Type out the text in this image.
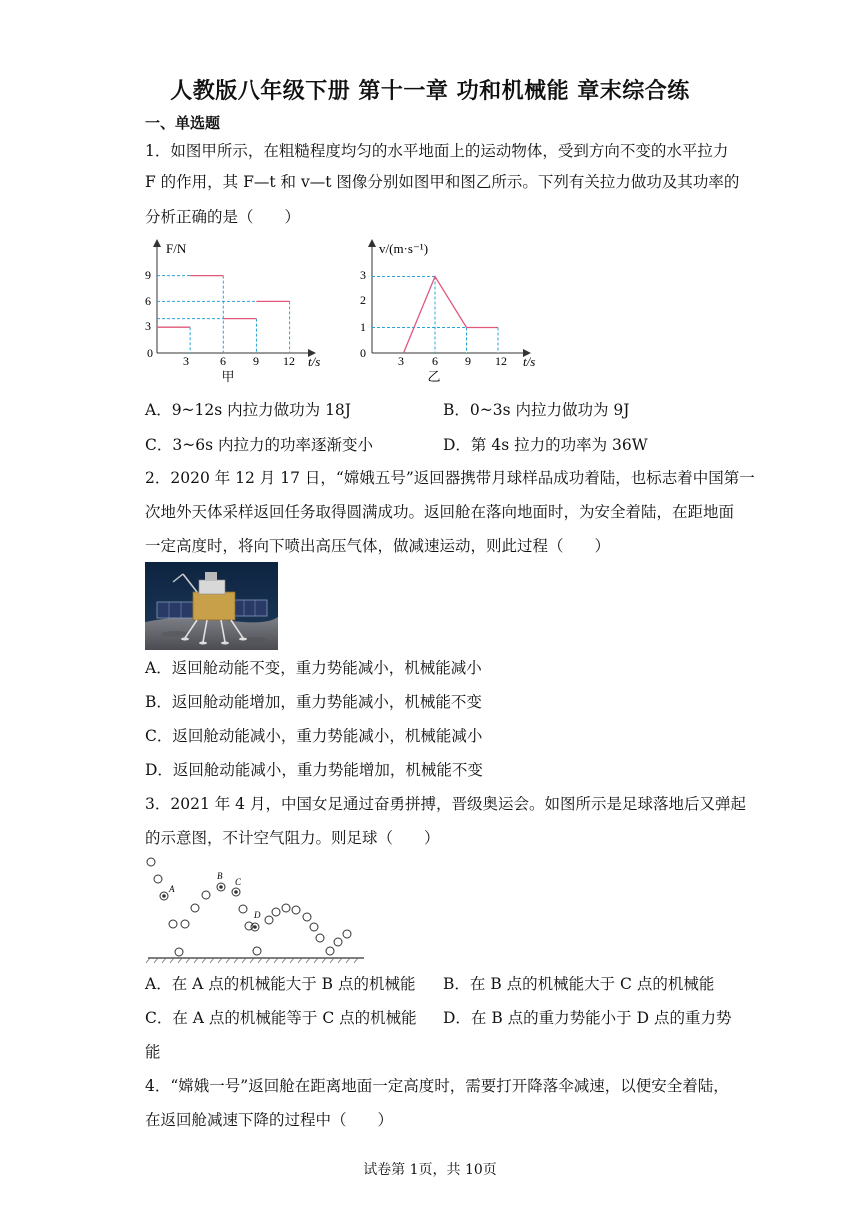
人教版八年级下册 第十一章 功和机械能 章末综合练
一、单选题
1．如图甲所示，在粗糙程度均匀的水平地面上的运动物体，受到方向不变的水平拉力
F 的作用，其 F—t 和 v—t 图像分别如图甲和图乙所示。下列有关拉力做功及其功率的
分析正确的是（　　）
F/N
t/s
0
3	6 9 12
3
6
9
甲
v/(m·s⁻¹)
t/s
0
3 6 9 12
1
2
3
乙
A．9~12s 内拉力做功为 18J	B．0~3s 内拉力做功为 9J
C．3~6s 内拉力的功率逐渐变小	D．第 4s 拉力的功率为 36W
2．2020 年 12 月 17 日，“嫦娥五号”返回器携带月球样品成功着陆，也标志着中国第一
次地外天体采样返回任务取得圆满成功。返回舱在落向地面时，为安全着陆，在距地面
一定高度时，将向下喷出高压气体，做减速运动，则此过程（　　）
A．返回舱动能不变，重力势能减小，机械能减小
B．返回舱动能增加，重力势能减小，机械能不变
C．返回舱动能减小，重力势能减小，机械能减小
D．返回舱动能减小，重力势能增加，机械能不变
3．2021 年 4 月，中国女足通过奋勇拼搏，晋级奥运会。如图所示是足球落地后又弹起
的示意图，不计空气阻力。则足球（　　）
A
B
C
D
A．在 A 点的机械能大于 B 点的机械能 B．在 B 点的机械能大于 C 点的机械能
C．在 A 点的机械能等于 C 点的机械能 D．在 B 点的重力势能小于 D 点的重力势
能
4．“嫦娥一号”返回舱在距离地面一定高度时，需要打开降落伞减速，以便安全着陆，
在返回舱减速下降的过程中（　　）
试卷第 1页，共 10页
